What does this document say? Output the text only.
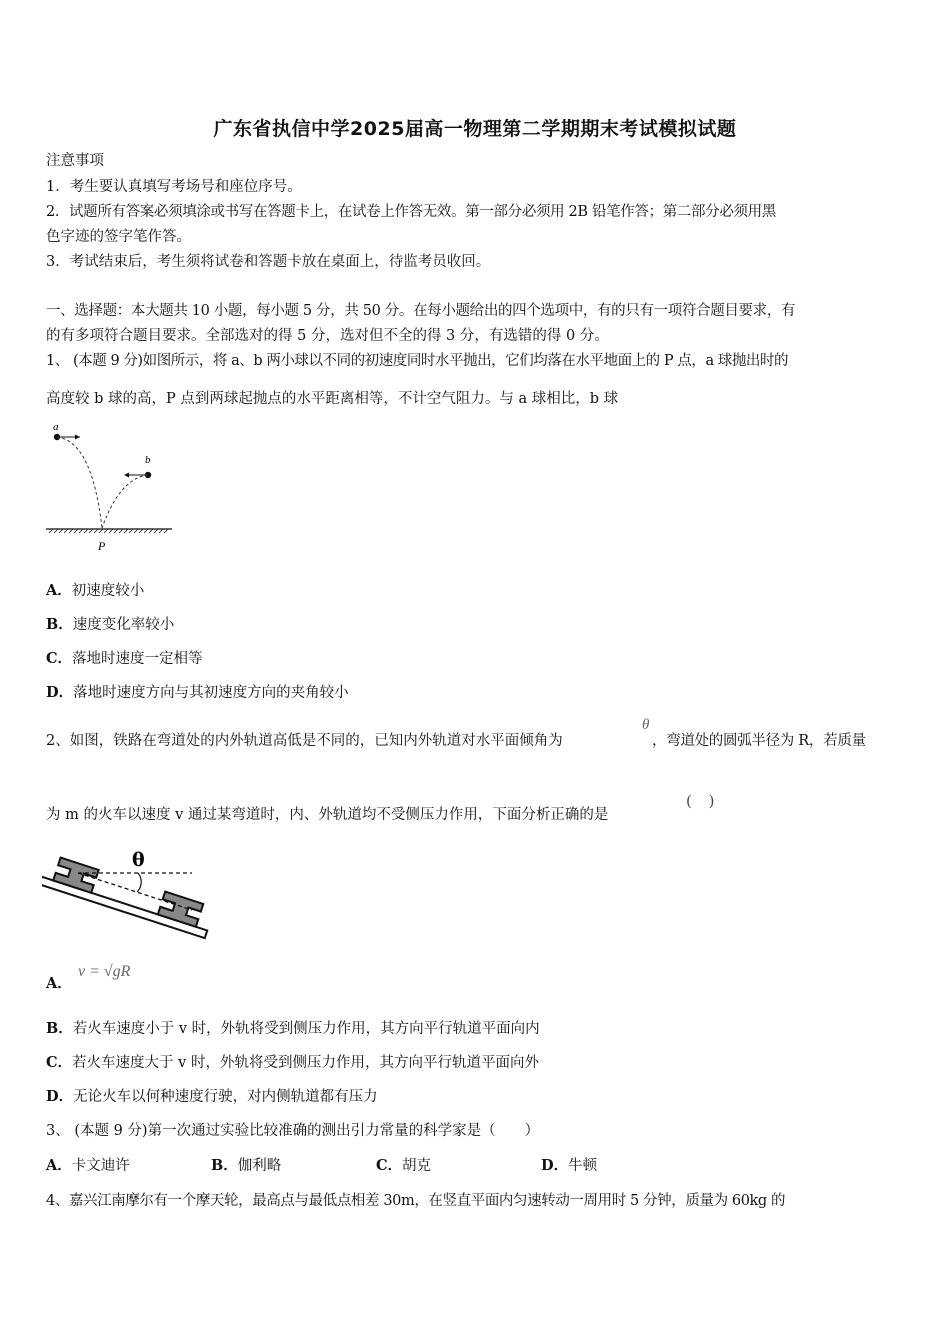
广东省执信中学2025届高一物理第二学期期末考试模拟试题
注意事项
1．考生要认真填写考场号和座位序号。
2．试题所有答案必须填涂或书写在答题卡上，在试卷上作答无效。第一部分必须用 2B 铅笔作答；第二部分必须用黑
色字迹的签字笔作答。
3．考试结束后，考生须将试卷和答题卡放在桌面上，待监考员收回。
一、选择题：本大题共 10 小题，每小题 5 分，共 50 分。在每小题给出的四个选项中，有的只有一项符合题目要求，有
的有多项符合题目要求。全部选对的得 5 分，选对但不全的得 3 分，有选错的得 0 分。
1、 (本题 9 分)如图所示，将 a、b 两小球以不同的初速度同时水平抛出，它们均落在水平地面上的 P 点，a 球抛出时的
高度较 b 球的高，P 点到两球起抛点的水平距离相等，不计空气阻力。与 a 球相比，b 球
a
b
P
A．初速度较小
B．速度变化率较小
C．落地时速度一定相等
D．落地时速度方向与其初速度方向的夹角较小
2、如图，铁路在弯道处的内外轨道高低是不同的，已知内外轨道对水平面倾角为
θ
，弯道处的圆弧半径为 R，若质量
为 m 的火车以速度 v 通过某弯道时，内、外轨道均不受侧压力作用，下面分析正确的是
( )
θ
A．
v = √gR
B．若火车速度小于 v 时，外轨将受到侧压力作用，其方向平行轨道平面向内
C．若火车速度大于 v 时，外轨将受到侧压力作用，其方向平行轨道平面向外
D．无论火车以何种速度行驶，对内侧轨道都有压力
3、 (本题 9 分)第一次通过实验比较准确的测出引力常量的科学家是（　　）
A．卡文迪许	B．伽利略	C．胡克	D．牛顿
4、嘉兴江南摩尔有一个摩天轮，最高点与最低点相差 30m，在竖直平面内匀速转动一周用时 5 分钟，质量为 60kg 的
